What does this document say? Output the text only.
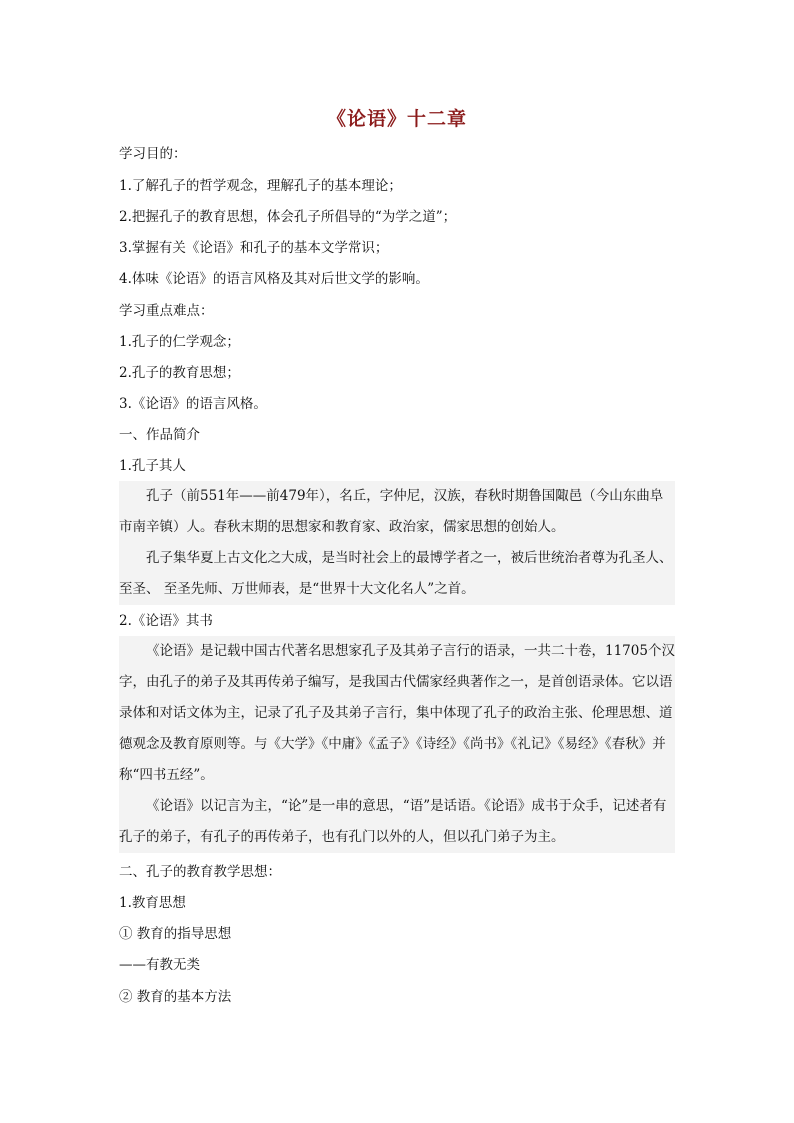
《论语》十二章
学习目的：
1.了解孔子的哲学观念，理解孔子的基本理论；
2.把握孔子的教育思想，体会孔子所倡导的“为学之道”；
3.掌握有关《论语》和孔子的基本文学常识；
4.体味《论语》的语言风格及其对后世文学的影响。
学习重点难点：
1.孔子的仁学观念；
2.孔子的教育思想；
3.《论语》的语言风格。
一、作品简介
1.孔子其人

孔子（前551年——前479年），名丘，字仲尼，汉族，春秋时期鲁国陬邑（今山东曲阜市南辛镇）人。春秋末期的思想家和教育家、政治家，儒家思想的创始人。

孔子集华夏上古文化之大成，是当时社会上的最博学者之一，被后世统治者尊为孔圣人、至圣、 至圣先师、万世师表，是“世界十大文化名人”之首。

2.《论语》其书

《论语》是记载中国古代著名思想家孔子及其弟子言行的语录，一共二十卷，11705个汉字，由孔子的弟子及其再传弟子编写，是我国古代儒家经典著作之一，是首创语录体。它以语录体和对话文体为主，记录了孔子及其弟子言行，集中体现了孔子的政治主张、伦理思想、道德观念及教育原则等。与《大学》《中庸》《孟子》《诗经》《尚书》《礼记》《易经》《春秋》并称“四书五经”。

《论语》以记言为主，“论”是一串的意思，“语”是话语。《论语》成书于众手，记述者有孔子的弟子，有孔子的再传弟子，也有孔门以外的人，但以孔门弟子为主。

二、孔子的教育教学思想：
1.教育思想
① 教育的指导思想
——有教无类
② 教育的基本方法
